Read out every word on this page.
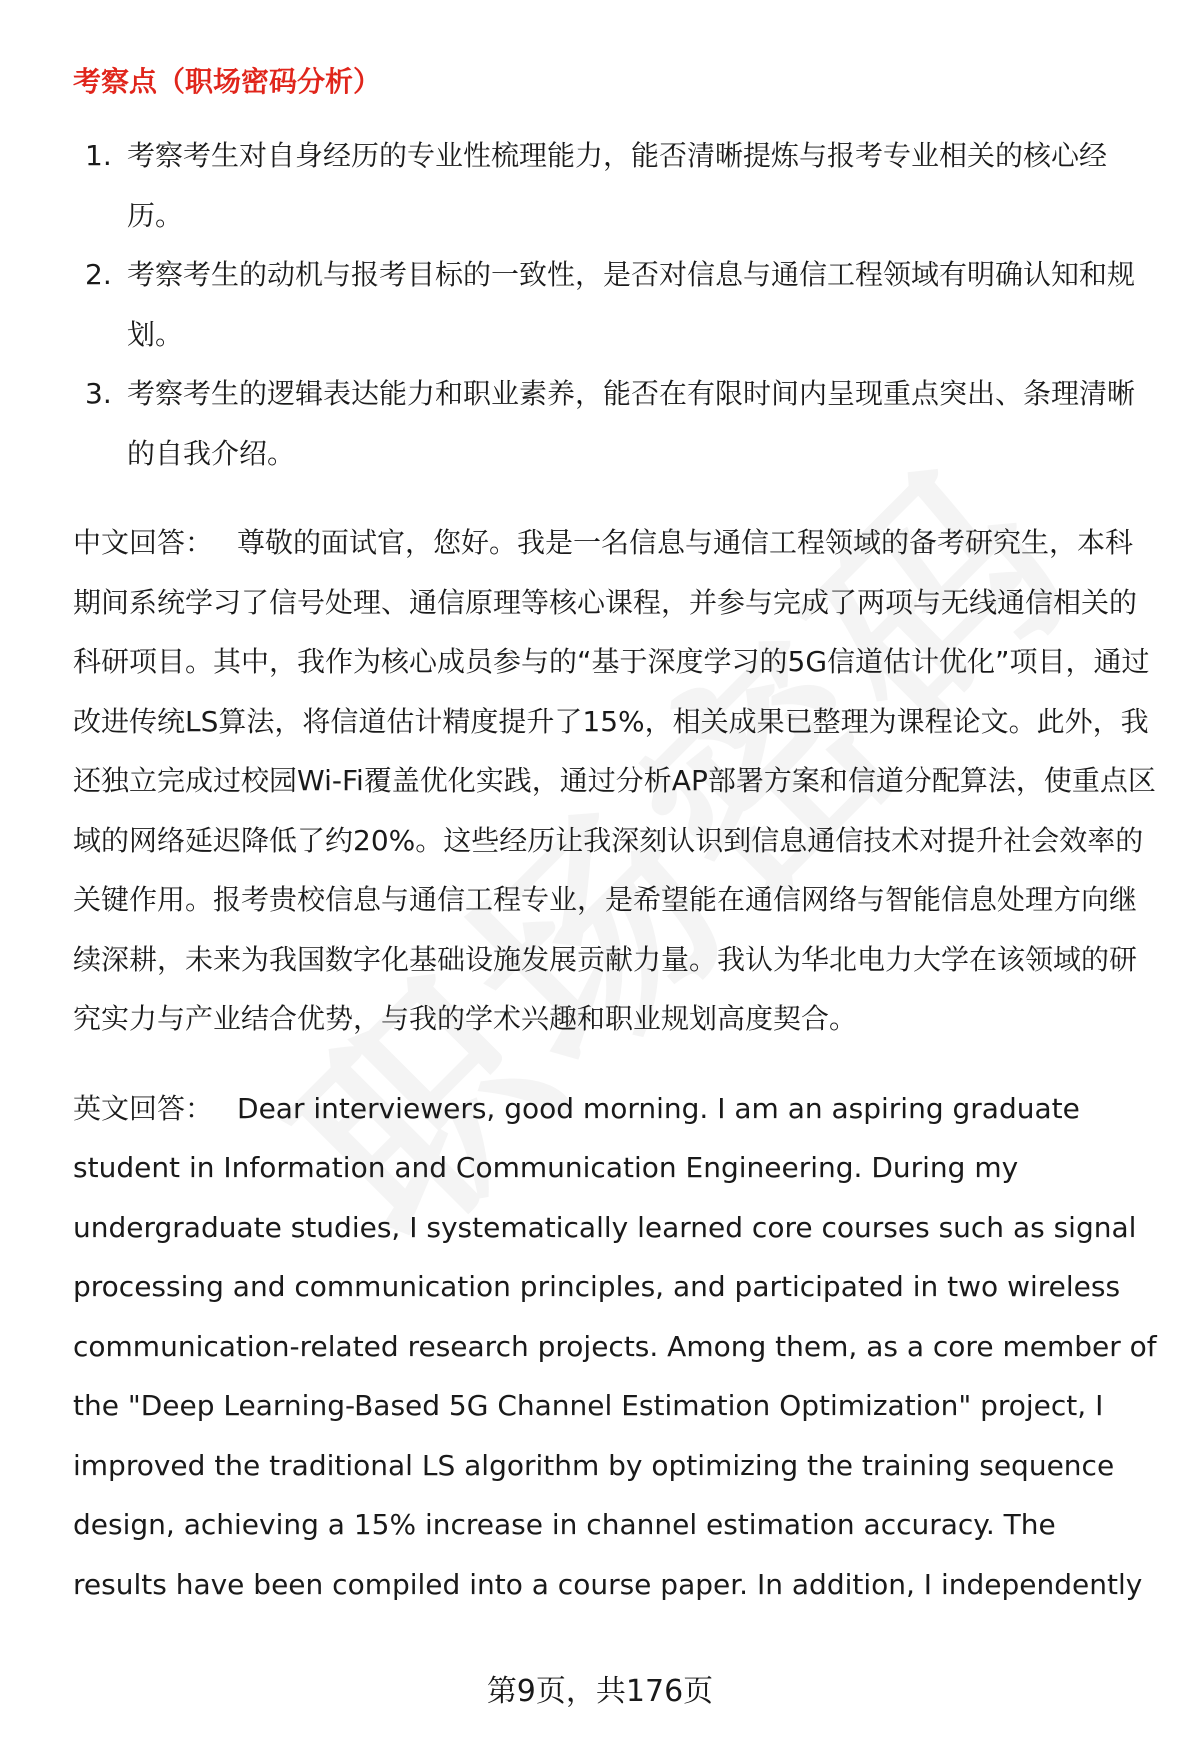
考察点（职场密码分析）
1. 考察考生对自身经历的专业性梳理能力，能否清晰提炼与报考专业相关的核心经历。
2. 考察考生的动机与报考目标的一致性，是否对信息与通信工程领域有明确认知和规划。
3. 考察考生的逻辑表达能力和职业素养，能否在有限时间内呈现重点突出、条理清晰的自我介绍。

中文回答： 尊敬的面试官，您好。我是一名信息与通信工程领域的备考研究生，本科期间系统学习了信号处理、通信原理等核心课程，并参与完成了两项与无线通信相关的科研项目。其中，我作为核心成员参与的“基于深度学习的5G信道估计优化”项目，通过改进传统LS算法，将信道估计精度提升了15%，相关成果已整理为课程论文。此外，我还独立完成过校园Wi-Fi覆盖优化实践，通过分析AP部署方案和信道分配算法，使重点区域的网络延迟降低了约20%。这些经历让我深刻认识到信息通信技术对提升社会效率的关键作用。报考贵校信息与通信工程专业，是希望能在通信网络与智能信息处理方向继续深耕，未来为我国数字化基础设施发展贡献力量。我认为华北电力大学在该领域的研究实力与产业结合优势，与我的学术兴趣和职业规划高度契合。

英文回答： Dear interviewers, good morning. I am an aspiring graduate student in Information and Communication Engineering. During my undergraduate studies, I systematically learned core courses such as signal processing and communication principles, and participated in two wireless communication-related research projects. Among them, as a core member of the "Deep Learning-Based 5G Channel Estimation Optimization" project, I improved the traditional LS algorithm by optimizing the training sequence design, achieving a 15% increase in channel estimation accuracy. The results have been compiled into a course paper. In addition, I independently

第9页，共176页
